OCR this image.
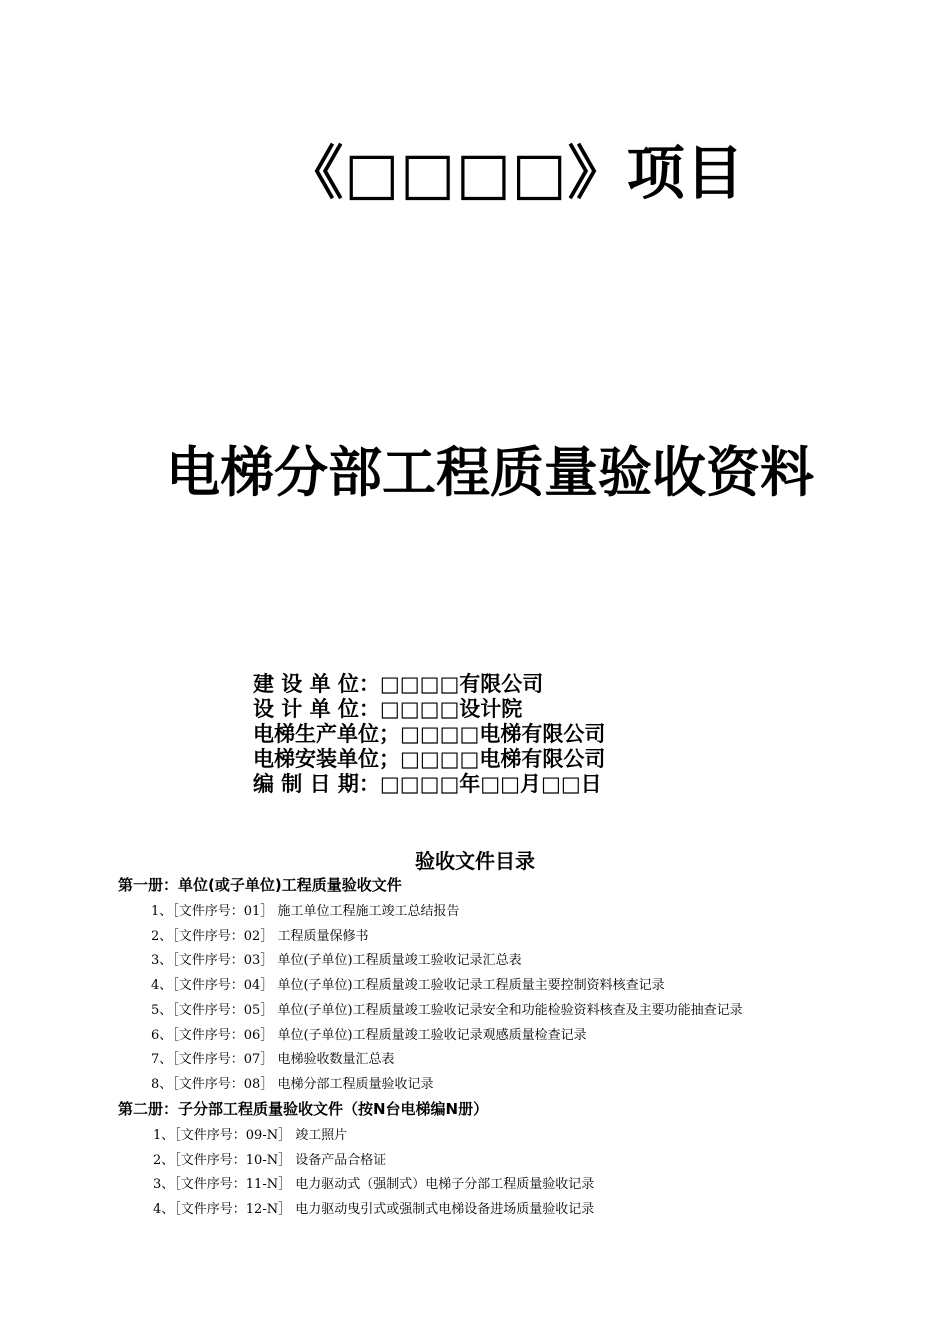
《□□□□》项目
电梯分部工程质量验收资料
建 设 单 位：□□□□有限公司
设 计 单 位：□□□□设计院
电梯生产单位；□□□□电梯有限公司
电梯安装单位；□□□□电梯有限公司
编 制 日 期：□□□□年□□月□□日
验收文件目录
第一册：单位(或子单位)工程质量验收文件
1、［文件序号：01］ 施工单位工程施工竣工总结报告
2、［文件序号：02］ 工程质量保修书
3、［文件序号：03］ 单位(子单位)工程质量竣工验收记录汇总表
4、［文件序号：04］ 单位(子单位)工程质量竣工验收记录工程质量主要控制资料核查记录
5、［文件序号：05］ 单位(子单位)工程质量竣工验收记录安全和功能检验资料核查及主要功能抽查记录
6、［文件序号：06］ 单位(子单位)工程质量竣工验收记录观感质量检查记录
7、［文件序号：07］ 电梯验收数量汇总表
8、［文件序号：08］ 电梯分部工程质量验收记录
第二册：子分部工程质量验收文件（按N台电梯编N册）
1、［文件序号：09-N］ 竣工照片
2、［文件序号：10-N］ 设备产品合格证
3、［文件序号：11-N］ 电力驱动式（强制式）电梯子分部工程质量验收记录
4、［文件序号：12-N］ 电力驱动曳引式或强制式电梯设备进场质量验收记录
